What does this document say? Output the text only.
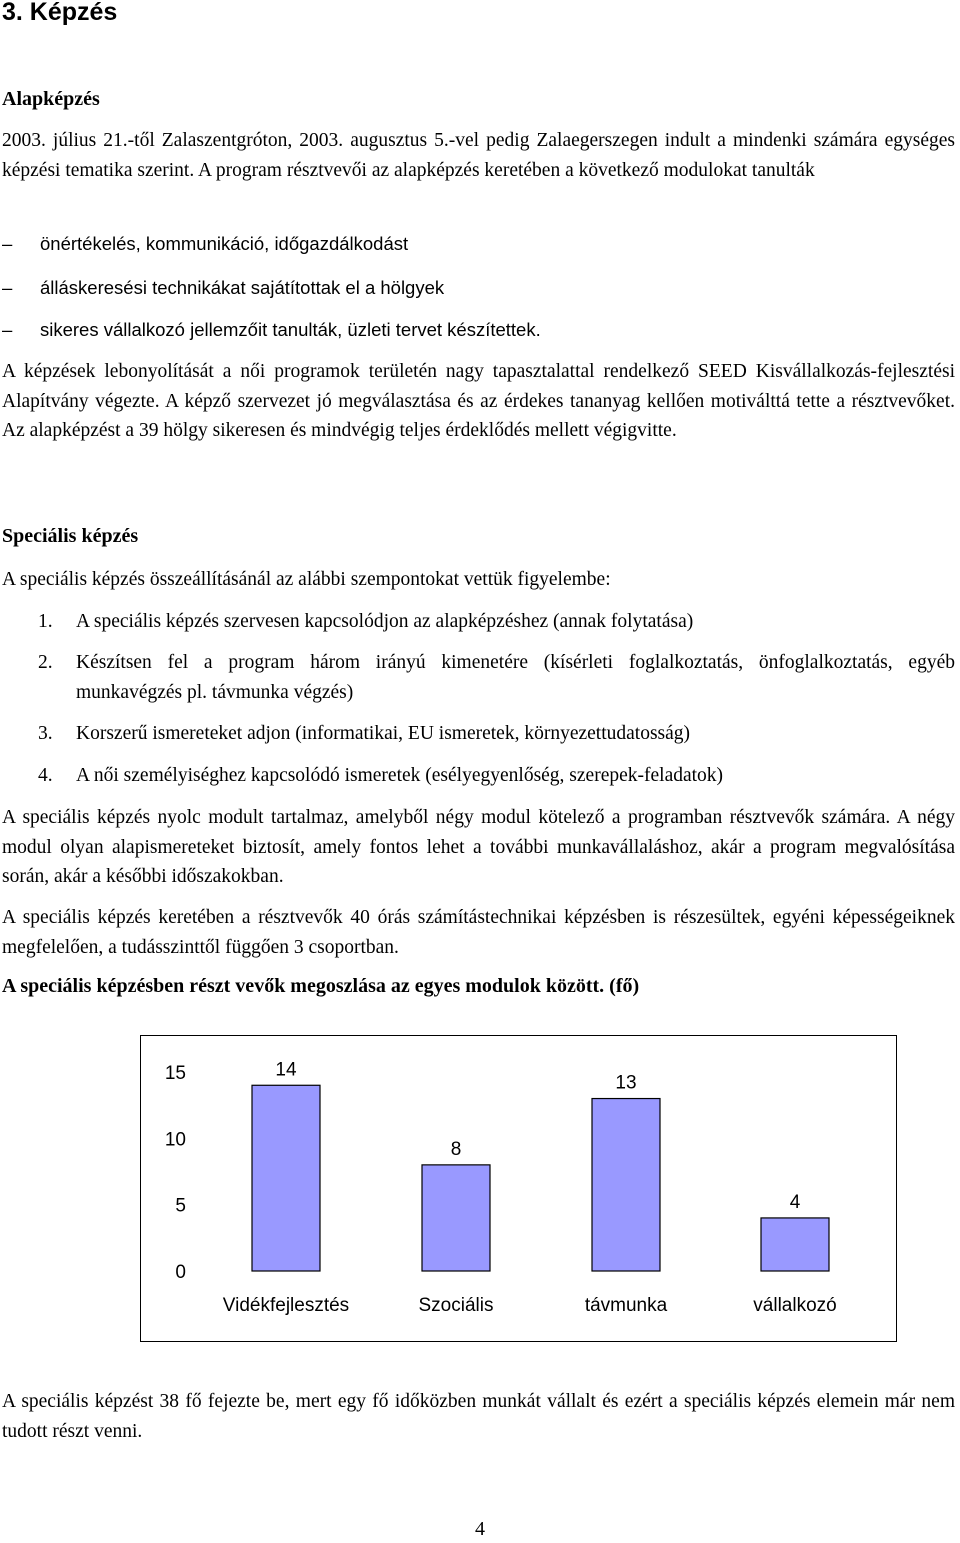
3. Képzés
Alapképzés

2003. július 21.-től Zalaszentgróton, 2003. augusztus 5.-vel pedig Zalaegerszegen indult a mindenki számára egységes képzési tematika szerint. A program résztvevői az alapképzés keretében a következő modulokat tanulták

– önértékelés, kommunikáció, időgazdálkodást
– álláskeresési technikákat sajátítottak el a hölgyek
– sikeres vállalkozó jellemzőit tanulták, üzleti tervet készítettek.

A képzések lebonyolítását a női programok területén nagy tapasztalattal rendelkező SEED Kisvállalkozás-fejlesztési Alapítvány végezte. A képző szervezet jó megválasztása és az érdekes tananyag kellően motiválttá tette a résztvevőket. Az alapképzést a 39 hölgy sikeresen és mindvégig teljes érdeklődés mellett végigvitte.

Speciális képzés

A speciális képzés összeállításánál az alábbi szempontokat vettük figyelembe:

1. A speciális képzés szervesen kapcsolódjon az alapképzéshez (annak folytatása)
2. Készítsen fel a program három irányú kimenetére (kísérleti foglalkoztatás, önfoglalkoztatás, egyéb munkavégzés pl. távmunka végzés)
3. Korszerű ismereteket adjon (informatikai, EU ismeretek, környezettudatosság)
4. A női személyiséghez kapcsolódó ismeretek (esélyegyenlőség, szerepek-feladatok)

A speciális képzés nyolc modult tartalmaz, amelyből négy modul kötelező a programban résztvevők számára. A négy modul olyan alapismereteket biztosít, amely fontos lehet a további munkavállaláshoz, akár a program megvalósítása során, akár a későbbi időszakokban.

A speciális képzés keretében a résztvevők 40 órás számítástechnikai képzésben is részesültek, egyéni képességeiknek megfelelően, a tudásszinttől függően 3 csoportban.

A speciális képzésben részt vevők megoszlása az egyes modulok között. (fő)
0
5
10
15	14
Vidékfejlesztés
8
Szociális
13
távmunka
4
vállalkozó

A speciális képzést 38 fő fejezte be, mert egy fő időközben munkát vállalt és ezért a speciális képzés elemein már nem tudott részt venni.

4
